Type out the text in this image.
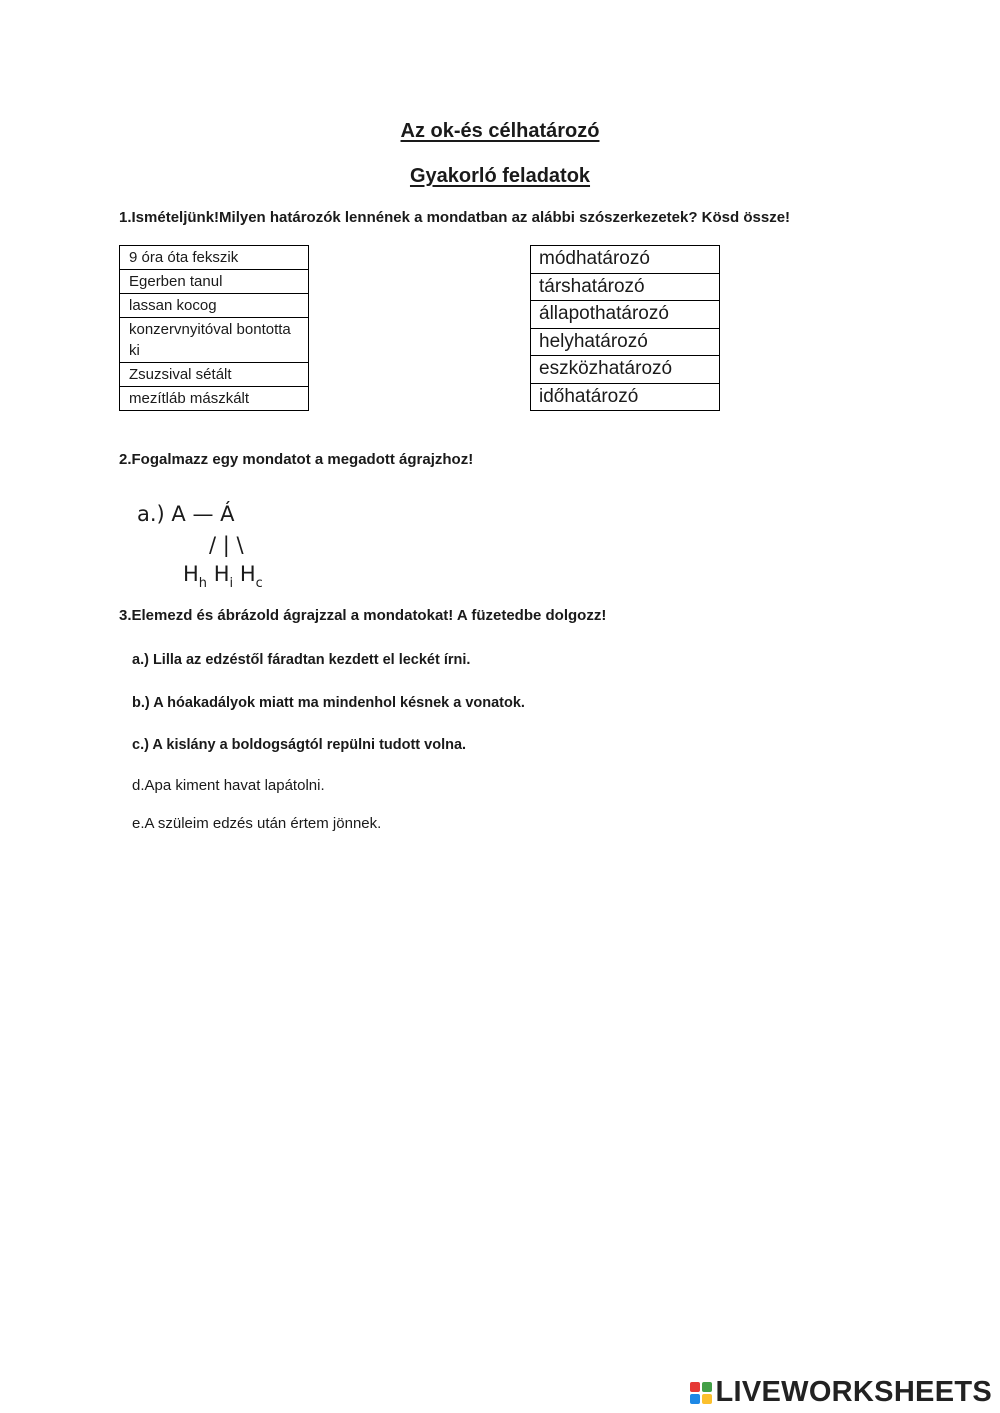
Az ok-és célhatározó
Gyakorló feladatok

1.Ismételjünk!Milyen határozók lennének a mondatban az alábbi szószerkezetek? Kösd össze!

9 óra óta fekszik
Egerben tanul
lassan kocog
konzervnyitóval bontotta ki
Zsuzsival sétált
mezítláb mászkált
módhatározó
társhatározó
állapothatározó
helyhatározó
eszközhatározó
időhatározó

2.Fogalmazz egy mondatot a megadott ágrajzhoz!

a.) A — Á
/ | \
$H_h$ $H_i$ $H_c$

3.Elemezd és ábrázold ágrajzzal a mondatokat! A füzetedbe dolgozz!

a.) Lilla az edzéstől fáradtan kezdett el leckét írni.

b.) A hóakadályok miatt ma mindenhol késnek a vonatok.

c.) A kislány a boldogságtól repülni tudott volna.

d.Apa kiment havat lapátolni.

e.A szüleim edzés után értem jönnek.

LIVEWORKSHEETS
